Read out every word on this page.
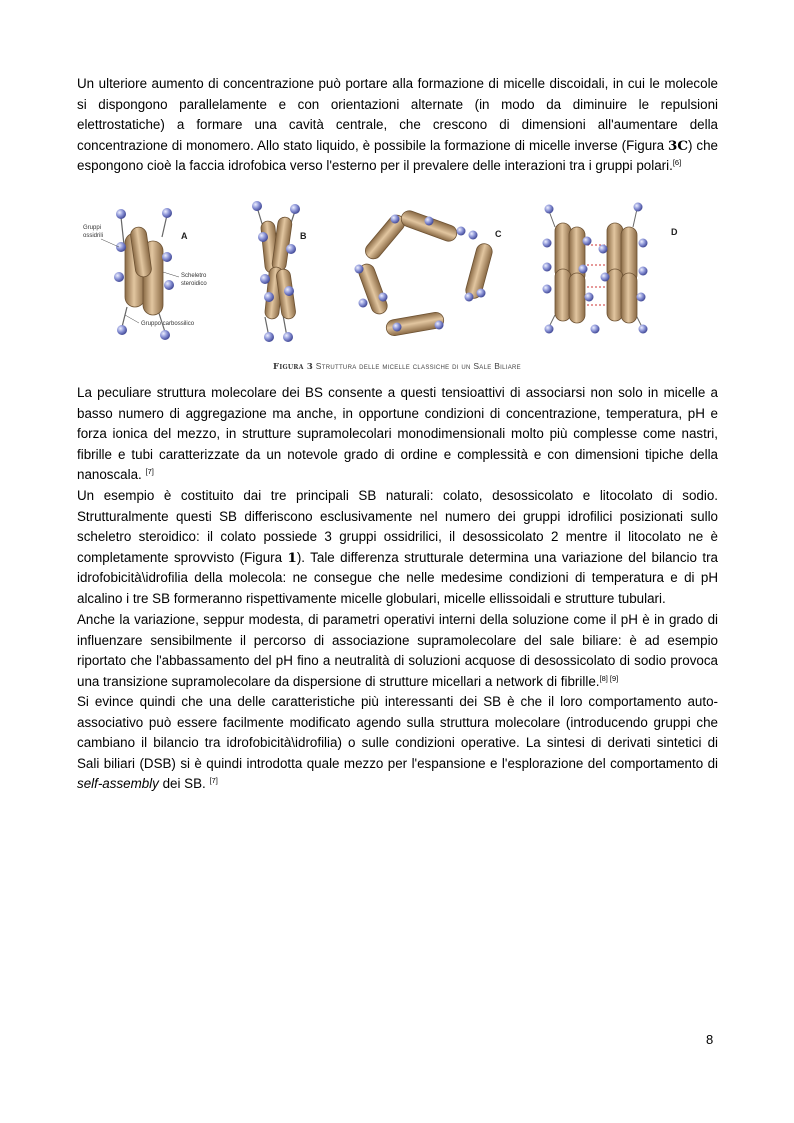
Un ulteriore aumento di concentrazione può portare alla formazione di micelle discoidali, in cui le molecole
si dispongono parallelamente e con orientazioni alternate (in modo da diminuire le repulsioni
elettrostatiche) a formare una cavità centrale, che crescono di dimensioni all'aumentare della
concentrazione di monomero. Allo stato liquido, è possibile la formazione di micelle inverse (Figura 3C) che
espongono cioè la faccia idrofobica verso l'esterno per il prevalere delle interazioni tra i gruppi polari.[6]
A
Gruppi
ossidrili
Scheletro
steroidico
Gruppo carbossilico
B	C	D
Figura 3 Struttura delle micelle classiche di un Sale Biliare
La peculiare struttura molecolare dei BS consente a questi tensioattivi di associarsi non solo in micelle a
basso numero di aggregazione ma anche, in opportune condizioni di concentrazione, temperatura, pH e
forza ionica del mezzo, in strutture supramolecolari monodimensionali molto più complesse come nastri,
fibrille e tubi caratterizzate da un notevole grado di ordine e complessità e con dimensioni tipiche della
nanoscala. [7]
Un esempio è costituito dai tre principali SB naturali: colato, desossicolato e litocolato di sodio.
Strutturalmente questi SB differiscono esclusivamente nel numero dei gruppi idrofilici posizionati sullo
scheletro steroidico: il colato possiede 3 gruppi ossidrilici, il desossicolato 2 mentre il litocolato ne è
completamente sprovvisto (Figura 1). Tale differenza strutturale determina una variazione del bilancio tra
idrofobicità\idrofilia della molecola: ne consegue che nelle medesime condizioni di temperatura e di pH
alcalino i tre SB formeranno rispettivamente micelle globulari, micelle ellissoidali e strutture tubulari.
Anche la variazione, seppur modesta, di parametri operativi interni della soluzione come il pH è in grado di
influenzare sensibilmente il percorso di associazione supramolecolare del sale biliare: è ad esempio
riportato che l'abbassamento del pH fino a neutralità di soluzioni acquose di desossicolato di sodio provoca
una transizione supramolecolare da dispersione di strutture micellari a network di fibrille.[8] [9]
Si evince quindi che una delle caratteristiche più interessanti dei SB è che il loro comportamento auto-
associativo può essere facilmente modificato agendo sulla struttura molecolare (introducendo gruppi che
cambiano il bilancio tra idrofobicità\idrofilia) o sulle condizioni operative. La sintesi di derivati sintetici di
Sali biliari (DSB) si è quindi introdotta quale mezzo per l'espansione e l'esplorazione del comportamento di
self-assembly dei SB. [7]
8
